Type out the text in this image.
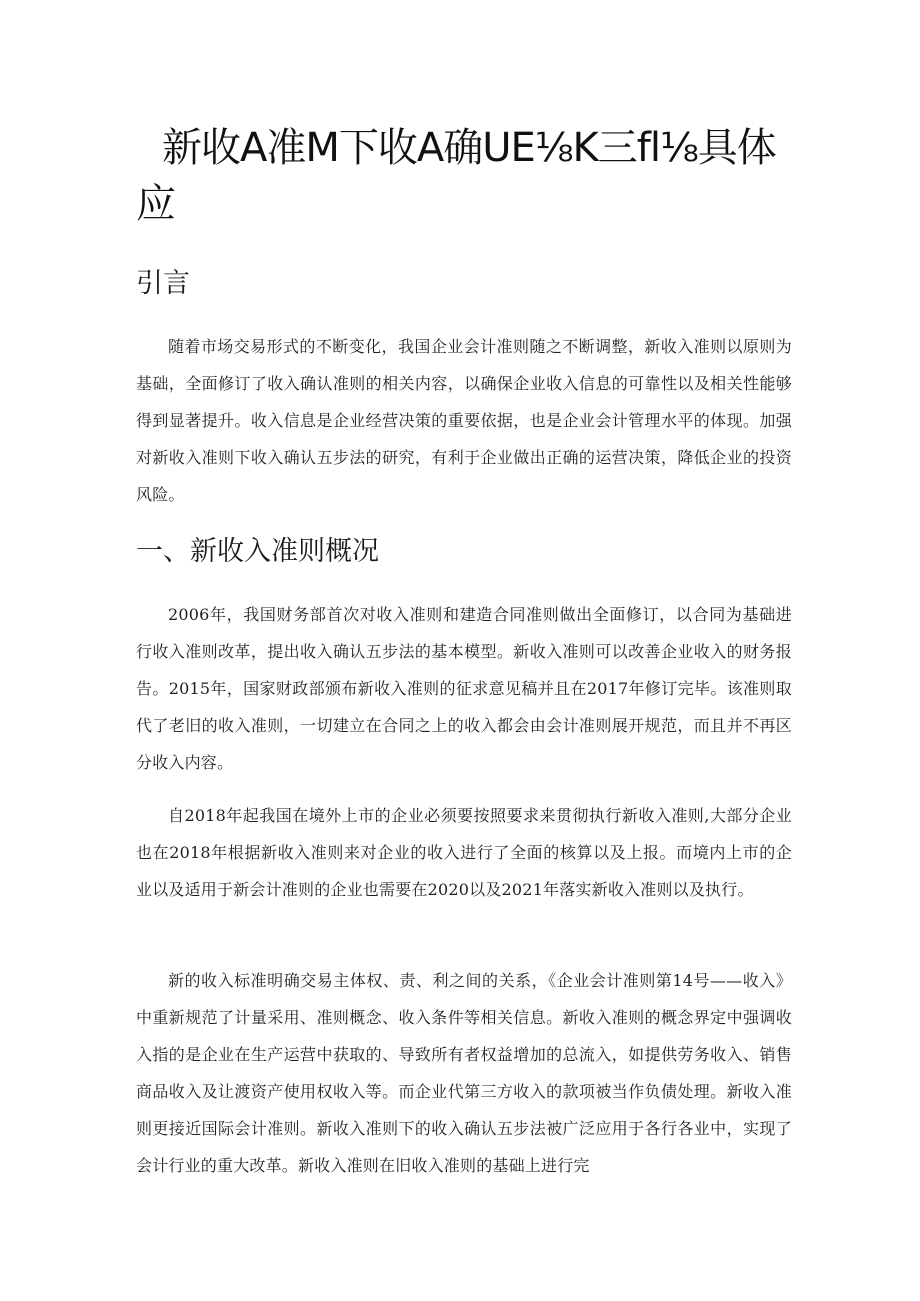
新收A准M下收A确UE⅛K三fl⅛具体应
引言

随着市场交易形式的不断变化，我国企业会计准则随之不断调整，新收入准则以原则为基础，全面修订了收入确认准则的相关内容，以确保企业收入信息的可靠性以及相关性能够得到显著提升。收入信息是企业经营决策的重要依据，也是企业会计管理水平的体现。加强对新收入准则下收入确认五步法的研究，有利于企业做出正确的运营决策，降低企业的投资风险。

一、新收入准则概况

2006年，我国财务部首次对收入准则和建造合同准则做出全面修订，以合同为基础进行收入准则改革，提出收入确认五步法的基本模型。新收入准则可以改善企业收入的财务报告。2015年，国家财政部颁布新收入准则的征求意见稿并且在2017年修订完毕。该准则取代了老旧的收入准则，一切建立在合同之上的收入都会由会计准则展开规范，而且并不再区分收入内容。

自2018年起我国在境外上市的企业必须要按照要求来贯彻执行新收入准则,大部分企业也在2018年根据新收入准则来对企业的收入进行了全面的核算以及上报。而境内上市的企业以及适用于新会计准则的企业也需要在2020以及2021年落实新收入准则以及执行。

新的收入标准明确交易主体权、责、利之间的关系，《企业会计准则第14号——收入》中重新规范了计量采用、准则概念、收入条件等相关信息。新收入准则的概念界定中强调收入指的是企业在生产运营中获取的、导致所有者权益增加的总流入，如提供劳务收入、销售商品收入及让渡资产使用权收入等。而企业代第三方收入的款项被当作负债处理。新收入准则更接近国际会计准则。新收入准则下的收入确认五步法被广泛应用于各行各业中，实现了会计行业的重大改革。新收入准则在旧收入准则的基础上进行完
